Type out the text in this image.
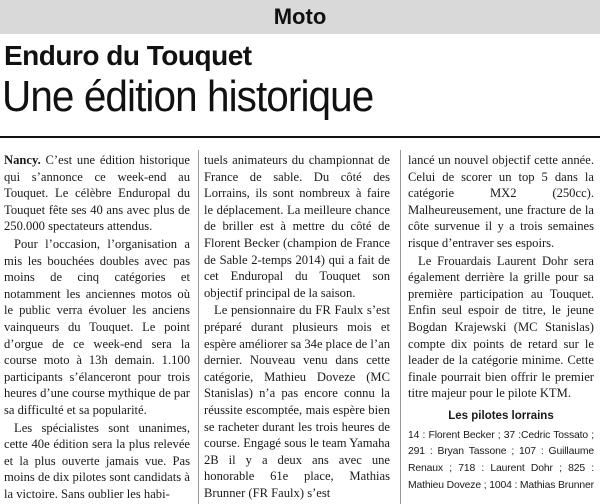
Moto
Enduro du Touquet
Une édition historique

Nancy. C’est une édition historique qui s’annonce ce week-end au Touquet. Le célèbre Enduropal du Touquet fête ses 40 ans avec plus de 250.000 spectateurs attendus.

Pour l’occasion, l’organisation a mis les bouchées doubles avec pas moins de cinq catégories et notamment les anciennes motos où le public verra évoluer les anciens vainqueurs du Touquet. Le point d’orgue de ce week-end sera la course moto à 13h demain. 1.100 participants s’élanceront pour trois heures d’une course mythique de par sa difficulté et sa popularité.

Les spécialistes sont unanimes, cette 40e édition sera la plus relevée et la plus ouverte jamais vue. Pas moins de dix pilotes sont candidats à la victoire. Sans oublier les habi-

tuels animateurs du championnat de France de sable. Du côté des Lorrains, ils sont nombreux à faire le déplacement. La meilleure chance de briller est à mettre du côté de Florent Becker (champion de France de Sable 2-temps 2014) qui a fait de cet Enduropal du Touquet son objectif principal de la saison.

Le pensionnaire du FR Faulx s’est préparé durant plusieurs mois et espère améliorer sa 34e place de l’an dernier. Nouveau venu dans cette catégorie, Mathieu Doveze (MC Stanislas) n’a pas encore connu la réussite escomptée, mais espère bien se racheter durant les trois heures de course. Engagé sous le team Yamaha 2B il y a deux ans avec une honorable 61e place, Mathias Brunner (FR Faulx) s’est

lancé un nouvel objectif cette année. Celui de scorer un top 5 dans la catégorie MX2 (250cc). Malheureusement, une fracture de la côte survenue il y a trois semaines risque d’entraver ses espoirs.

Le Frouardais Laurent Dohr sera également derrière la grille pour sa première participation au Touquet. Enfin seul espoir de titre, le jeune Bogdan Krajewski (MC Stanislas) compte dix points de retard sur le leader de la catégorie minime. Cette finale pourrait bien offrir le premier titre majeur pour le pilote KTM.

Les pilotes lorrains
14 : Florent Becker ; 37 :Cedric Tossato ; 291 : Bryan Tassone ; 107 : Guillaume Renaux ; 718 : Laurent Dohr ; 825 : Mathieu Doveze ; 1004 : Mathias Brunner
